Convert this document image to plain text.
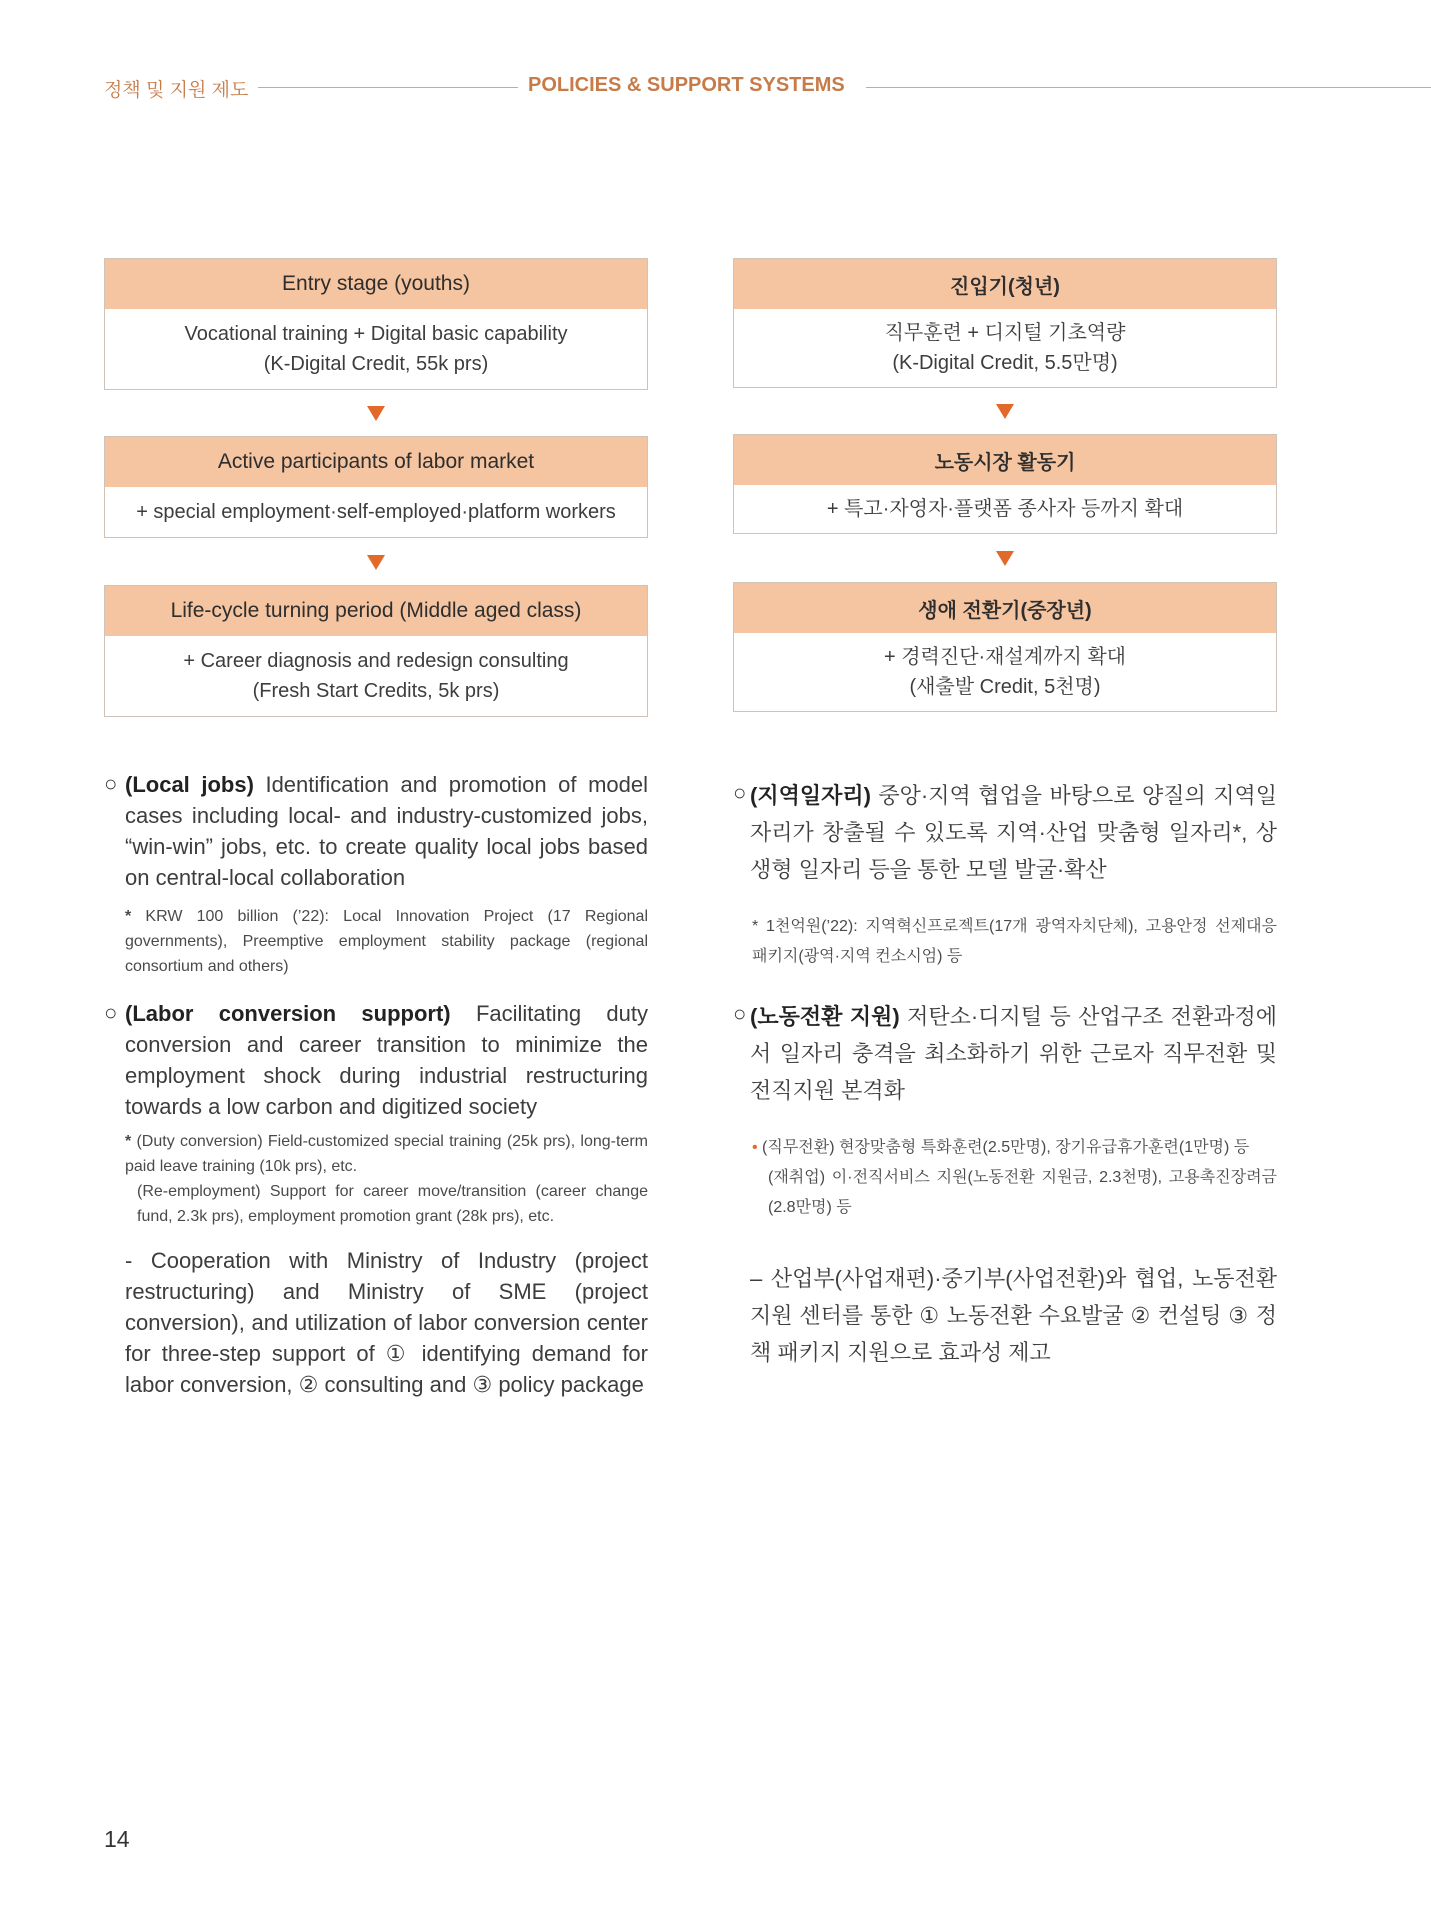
정책 및 지원 제도	POLICIES & SUPPORT SYSTEMS
Entry stage (youths)
Vocational training + Digital basic capability
(K-Digital Credit, 55k prs)
Active participants of labor market
+ special employment·self-employed·platform workers
Life-cycle turning period (Middle aged class)
+ Career diagnosis and redesign consulting
(Fresh Start Credits, 5k prs)
진입기(청년)
직무훈련 + 디지털 기초역량
(K-Digital Credit, 5.5만명)
노동시장 활동기
+ 특고·자영자·플랫폼 종사자 등까지 확대
생애 전환기(중장년)
+ 경력진단·재설계까지 확대
(새출발 Credit, 5천명)
○ (Local jobs) Identification and promotion of model cases including local- and industry-customized jobs, “win-win” jobs, etc. to create quality local jobs based on central-local collaboration
* KRW 100 billion (’22): Local Innovation Project (17 Regional governments), Preemptive employment stability package (regional consortium and others)
○ (Labor conversion support) Facilitating duty conversion and career transition to minimize the employment shock during industrial restructuring towards a low carbon and digitized society
* (Duty conversion) Field-customized special training (25k prs), long-term paid leave training (10k prs), etc.
(Re-employment) Support for career move/transition (career change fund, 2.3k prs), employment promotion grant (28k prs), etc.
- Cooperation with Ministry of Industry (project restructuring) and Ministry of SME (project conversion), and utilization of labor conversion center for three-step support of ① identifying demand for labor conversion, ② consulting and ③ policy package
○ (지역일자리) 중앙·지역 협업을 바탕으로 양질의 지역일자리가 창출될 수 있도록 지역·산업 맞춤형 일자리*, 상생형 일자리 등을 통한 모델 발굴·확산
* 1천억원(’22): 지역혁신프로젝트(17개 광역자치단체), 고용안정 선제대응 패키지(광역·지역 컨소시엄) 등
○ (노동전환 지원) 저탄소·디지털 등 산업구조 전환과정에서 일자리 충격을 최소화하기 위한 근로자 직무전환 및 전직지원 본격화
• (직무전환) 현장맞춤형 특화훈련(2.5만명), 장기유급휴가훈련(1만명) 등
(재취업) 이·전직서비스 지원(노동전환 지원금, 2.3천명), 고용촉진장려금 (2.8만명) 등
– 산업부(사업재편)·중기부(사업전환)와 협업, 노동전환지원 센터를 통한 ① 노동전환 수요발굴 ② 컨설팅 ③ 정책 패키지 지원으로 효과성 제고
14
